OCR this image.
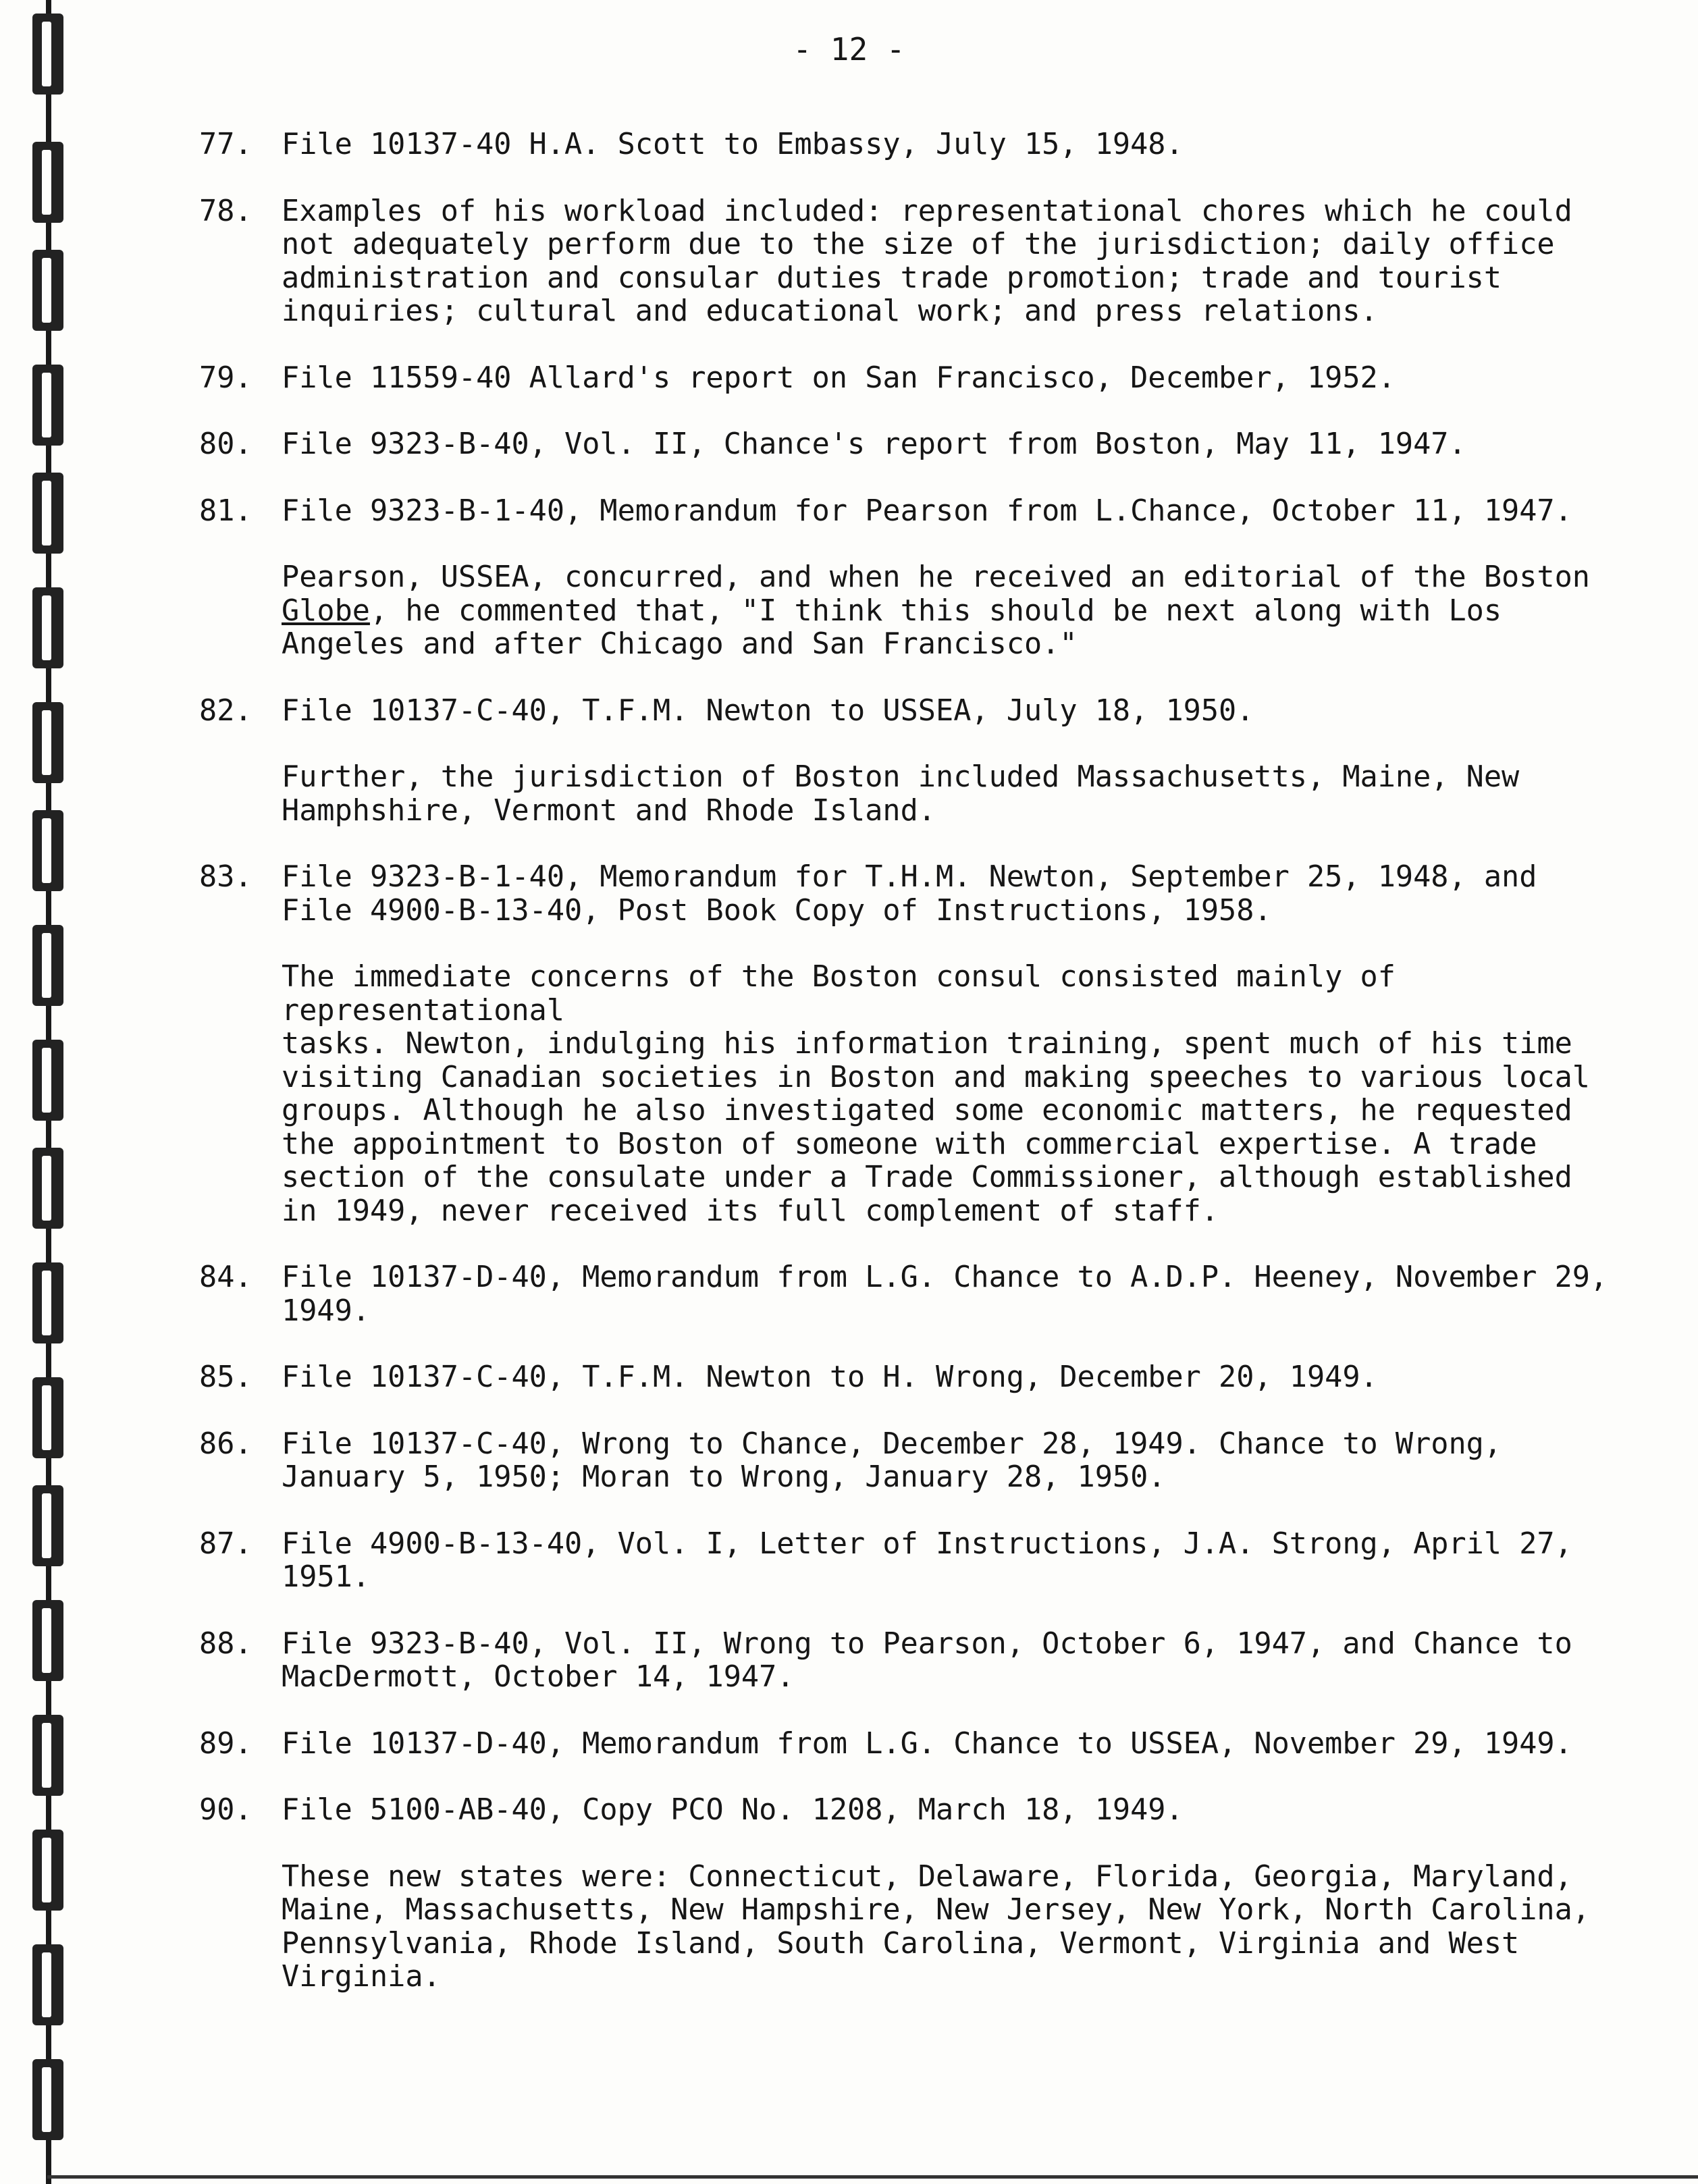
- 12 -
77. File 10137-40 H.A. Scott to Embassy, July 15, 1948.
78. Examples of his workload included: representational chores which he could
not adequately perform due to the size of the jurisdiction; daily office
administration and consular duties trade promotion; trade and tourist
inquiries; cultural and educational work; and press relations.
79. File 11559-40 Allard's report on San Francisco, December, 1952.
80. File 9323-B-40, Vol. II, Chance's report from Boston, May 11, 1947.
81. File 9323-B-1-40, Memorandum for Pearson from L.Chance, October 11, 1947.
Pearson, USSEA, concurred, and when he received an editorial of the Boston
Globe, he commented that, "I think this should be next along with Los
Angeles and after Chicago and San Francisco."
82. File 10137-C-40, T.F.M. Newton to USSEA, July 18, 1950.
Further, the jurisdiction of Boston included Massachusetts, Maine, New
Hamphshire, Vermont and Rhode Island.
83. File 9323-B-1-40, Memorandum for T.H.M. Newton, September 25, 1948, and
File 4900-B-13-40, Post Book Copy of Instructions, 1958.
The immediate concerns of the Boston consul consisted mainly of representational
tasks. Newton, indulging his information training, spent much of his time
visiting Canadian societies in Boston and making speeches to various local
groups. Although he also investigated some economic matters, he requested
the appointment to Boston of someone with commercial expertise. A trade
section of the consulate under a Trade Commissioner, although established
in 1949, never received its full complement of staff.
84. File 10137-D-40, Memorandum from L.G. Chance to A.D.P. Heeney, November 29,
1949.
85. File 10137-C-40, T.F.M. Newton to H. Wrong, December 20, 1949.
86. File 10137-C-40, Wrong to Chance, December 28, 1949. Chance to Wrong,
January 5, 1950; Moran to Wrong, January 28, 1950.
87. File 4900-B-13-40, Vol. I, Letter of Instructions, J.A. Strong, April 27, 1951.
88. File 9323-B-40, Vol. II, Wrong to Pearson, October 6, 1947, and Chance to
MacDermott, October 14, 1947.
89. File 10137-D-40, Memorandum from L.G. Chance to USSEA, November 29, 1949.
90. File 5100-AB-40, Copy PCO No. 1208, March 18, 1949.
These new states were: Connecticut, Delaware, Florida, Georgia, Maryland,
Maine, Massachusetts, New Hampshire, New Jersey, New York, North Carolina,
Pennsylvania, Rhode Island, South Carolina, Vermont, Virginia and West
Virginia.
